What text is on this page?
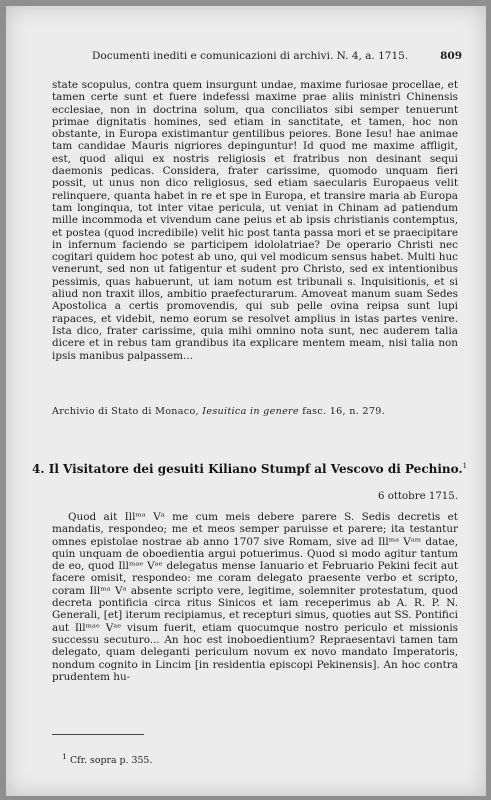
Documenti inediti e comunicazioni di archivi. N. 4, a. 1715.	809
state scopulus, contra quem insurgunt undae, maxime furiosae procellae, et tamen certe sunt et fuere indefessi maxime prae aliis ministri Chinensis ecclesiae, non in doctrina solum, qua conciliatos sibi semper tenuerunt primae dignitatis homines, sed etiam in sanctitate, et tamen, hoc non obstante, in Europa existimantur gentilibus peiores. Bone Iesu! hae animae tam candidae Mauris nigriores depinguntur! Id quod me maxime affligit, est, quod aliqui ex nostris religiosis et fratribus non desinant sequi daemonis pedicas. Considera, frater carissime, quomodo unquam fieri possit, ut unus non dico religiosus, sed etiam saecularis Europaeus velit relinquere, quanta habet in re et spe in Europa, et transire maria ab Europa tam longinqua, tot inter vitae pericula, ut veniat in Chinam ad patiendum mille incommoda et vivendum cane peius et ab ipsis christianis contemptus, et postea (quod incredibile) velit hic post tanta passa mori et se praecipitare in infernum faciendo se participem idololatriae? De operario Christi nec cogitari quidem hoc potest ab uno, qui vel modicum sensus habet. Multi huc venerunt, sed non ut fatigentur et sudent pro Christo, sed ex intentionibus pessimis, quas habuerunt, ut iam notum est tribunali s. Inquisitionis, et si aliud non traxit illos, ambitio praefecturarum. Amoveat manum suam Sedes Apostolica a certis promovendis, qui sub pelle ovina reipsa sunt lupi rapaces, et videbit, nemo eorum se resolvet amplius in istas partes venire. Ista dico, frater carissime, quia mihi omnino nota sunt, nec auderem talia dicere et in rebus tam grandibus ita explicare mentem meam, nisi talia non ipsis manibus palpassem...
Archivio di Stato di Monaco, Iesuitica in genere fasc. 16, n. 279.
4. Il Visitatore dei gesuiti Kiliano Stumpf al Vescovo di Pechino.$^1$
6 ottobre 1715.
Quod ait Illᵐᵃ Vᵃ me cum meis debere parere S. Sedis decretis et mandatis, respondeo; me et meos semper paruisse et parere; ita testantur omnes epistolae nostrae ab anno 1707 sive Romam, sive ad Illᵐᵃ Vᵃᵐ datae, quin unquam de oboedientia argui potuerimus. Quod si modo agitur tantum de eo, quod Illᵐᵃᵉ Vᵃᵉ delegatus mense Ianuario et Februario Pekini fecit aut facere omisit, respondeo: me coram delegato praesente verbo et scripto, coram Illᵐᵃ Vᵃ absente scripto vere, legitime, solemniter protestatum, quod decreta pontificia circa ritus Sinicos et iam receperimus ab A. R. P. N. Generali, [et] iterum recipiamus, et recepturi simus, quoties aut SS. Pontifici aut Illᵐᵃᵉ Vᵃᵉ visum fuerit, etiam quocumque nostro periculo et missionis successu secuturo... An hoc est inoboedientium? Repraesentavi tamen tam delegato, quam deleganti periculum novum ex novo mandato Imperatoris, nondum cognito in Lincim [in residentia episcopi Pekinensis]. An hoc contra prudentem hu-
$^1$ Cfr. sopra p. 355.
